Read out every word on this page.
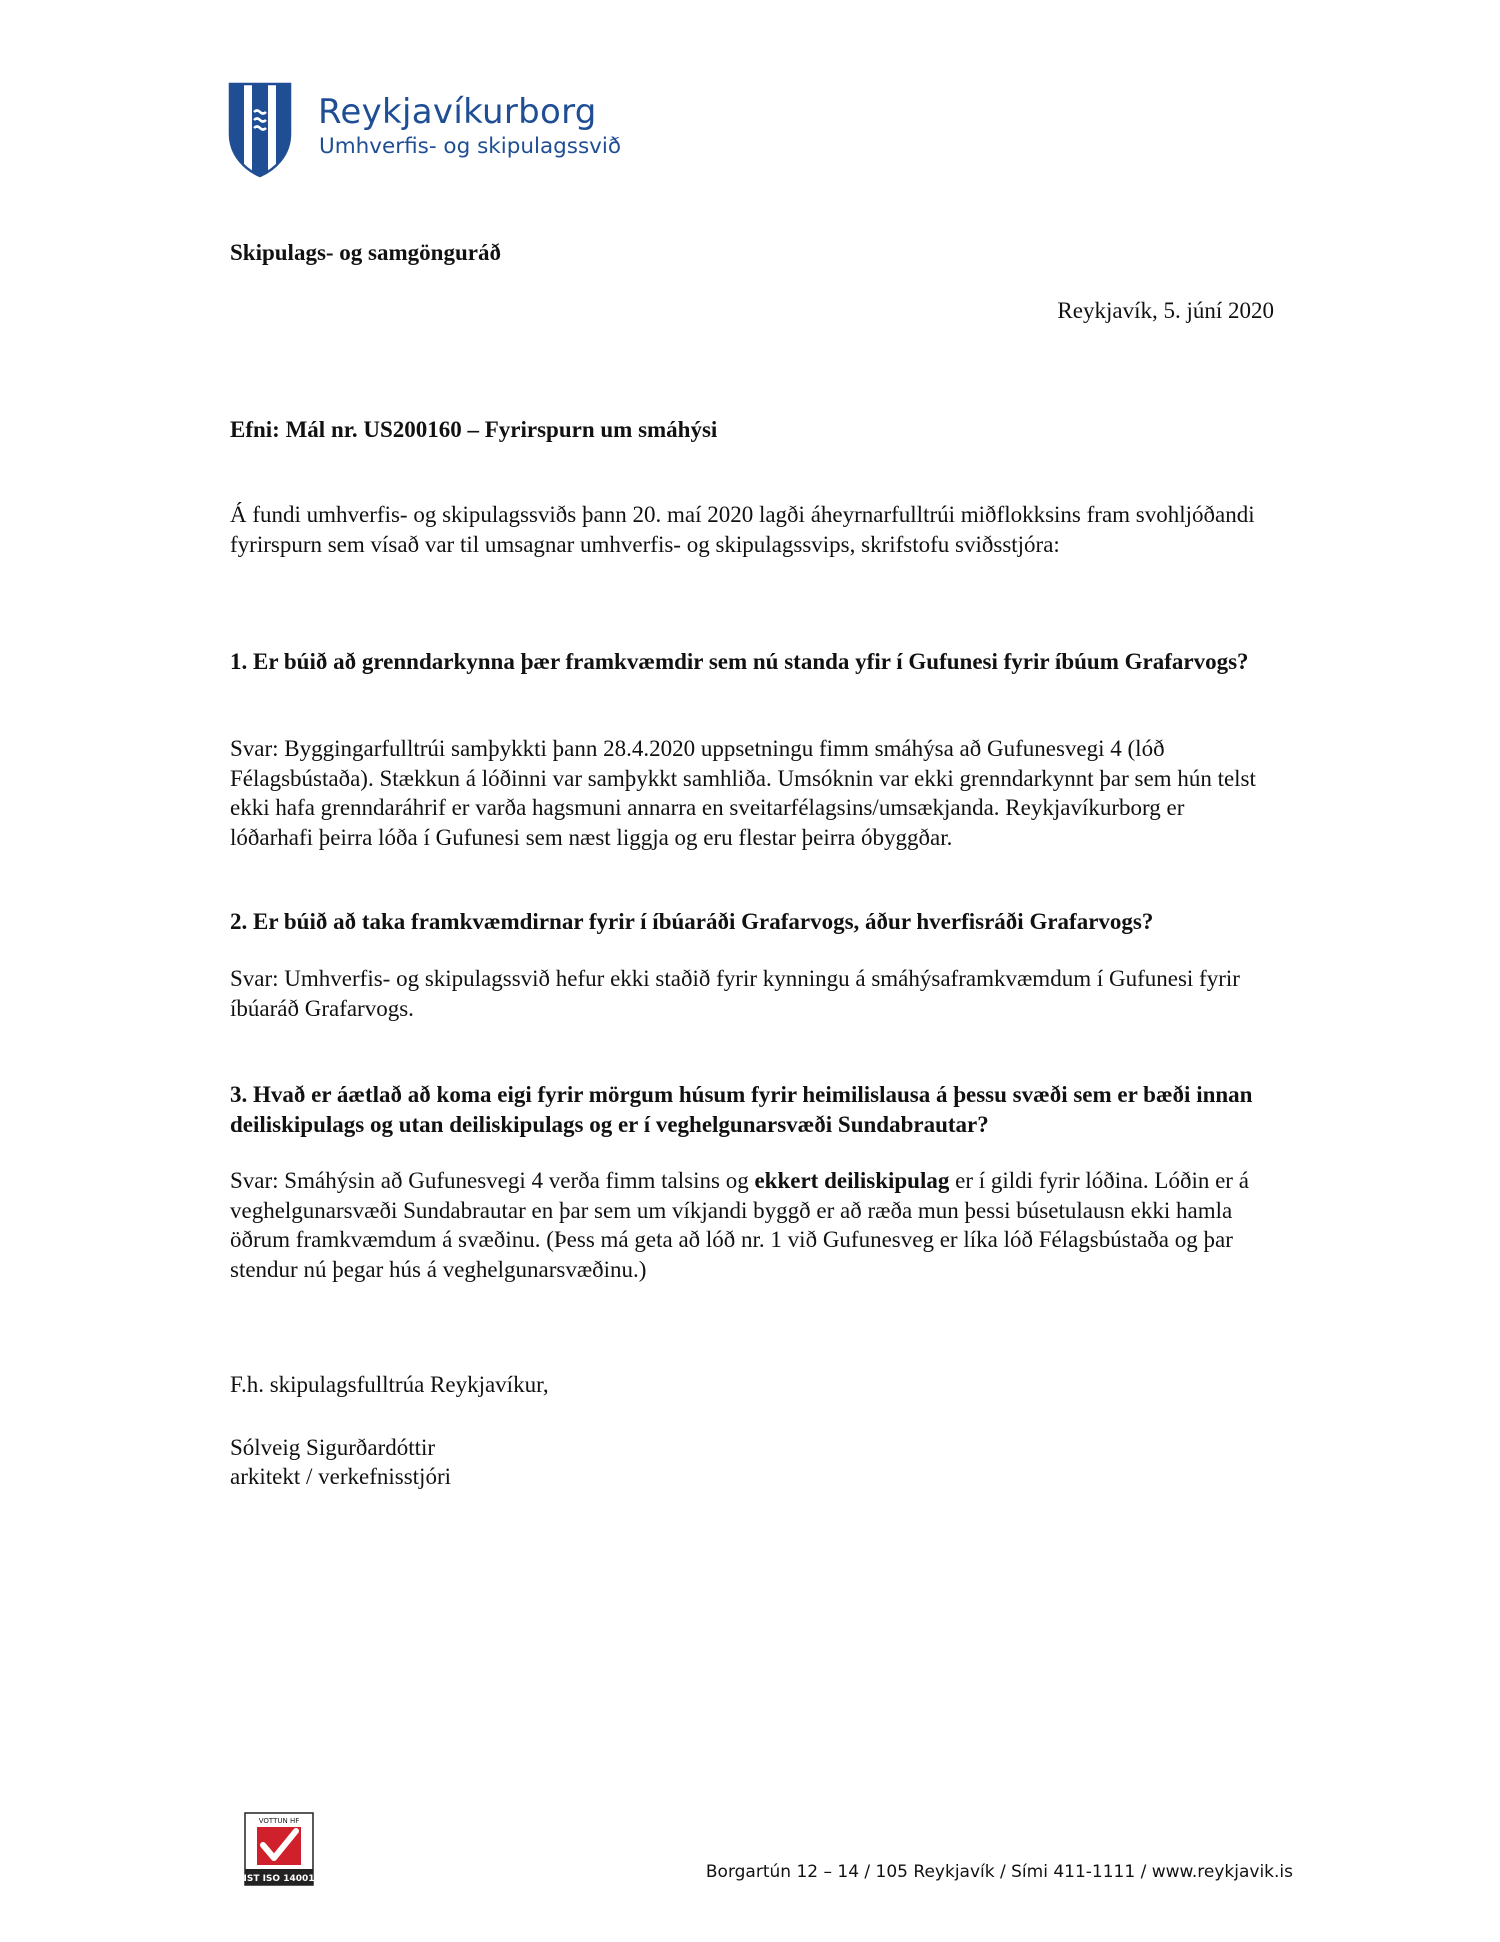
Reykjavíkurborg
Umhverfis- og skipulagssvið
Skipulags- og samgönguráð
Reykjavík, 5. júní 2020
Efni: Mál nr. US200160 – Fyrirspurn um smáhýsi
Á fundi umhverfis- og skipulagssviðs þann 20. maí 2020 lagði áheyrnarfulltrúi miðflokksins fram svohljóðandi fyrirspurn sem vísað var til umsagnar umhverfis- og skipulagssvips, skrifstofu sviðsstjóra:
1. Er búið að grenndarkynna þær framkvæmdir sem nú standa yfir í Gufunesi fyrir íbúum Grafarvogs?
Svar: Byggingarfulltrúi samþykkti þann 28.4.2020 uppsetningu fimm smáhýsa að Gufunesvegi 4 (lóð Félagsbústaða). Stækkun á lóðinni var samþykkt samhliða. Umsóknin var ekki grenndarkynnt þar sem hún telst ekki hafa grenndaráhrif er varða hagsmuni annarra en sveitarfélagsins/umsækjanda. Reykjavíkurborg er lóðarhafi þeirra lóða í Gufunesi sem næst liggja og eru flestar þeirra óbyggðar.
2. Er búið að taka framkvæmdirnar fyrir í íbúaráði Grafarvogs, áður hverfisráði Grafarvogs?
Svar: Umhverfis- og skipulagssvið hefur ekki staðið fyrir kynningu á smáhýsaframkvæmdum í Gufunesi fyrir íbúaráð Grafarvogs.
3. Hvað er áætlað að koma eigi fyrir mörgum húsum fyrir heimilislausa á þessu svæði sem er bæði innan deiliskipulags og utan deiliskipulags og er í veghelgunarsvæði Sundabrautar?
Svar: Smáhýsin að Gufunesvegi 4 verða fimm talsins og ekkert deiliskipulag er í gildi fyrir lóðina. Lóðin er á veghelgunarsvæði Sundabrautar en þar sem um víkjandi byggð er að ræða mun þessi búsetulausn ekki hamla öðrum framkvæmdum á svæðinu. (Þess má geta að lóð nr. 1 við Gufunesveg er líka lóð Félagsbústaða og þar stendur nú þegar hús á veghelgunarsvæðinu.)
F.h. skipulagsfulltrúa Reykjavíkur,
Sólveig Sigurðardóttir
arkitekt / verkefnisstjóri
VOTTUN HF
IST ISO 14001	Borgartún 12 – 14 / 105 Reykjavík / Sími 411-1111 / www.reykjavik.is
